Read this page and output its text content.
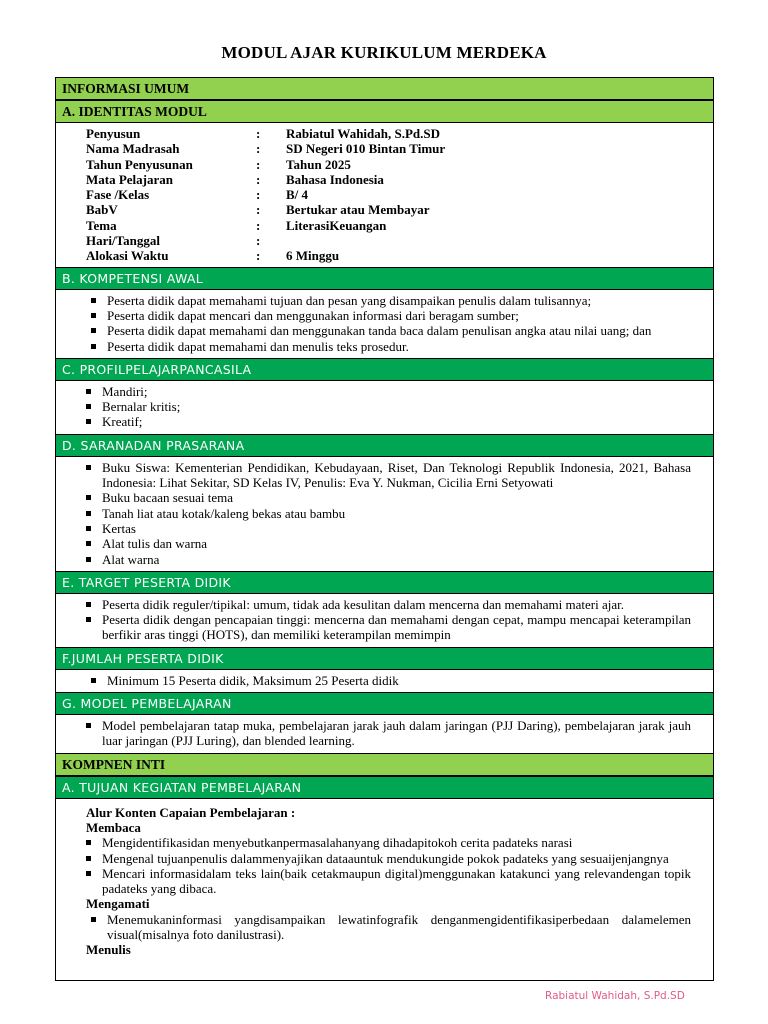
MODUL AJAR KURIKULUM MERDEKA
INFORMASI UMUM
A. IDENTITAS MODUL
Penyusun	:	Rabiatul Wahidah, S.Pd.SD
Nama Madrasah	:	SD Negeri 010 Bintan Timur
Tahun Penyusunan	:	Tahun 2025
Mata Pelajaran	:	Bahasa Indonesia
Fase /Kelas	:	B/ 4
BabV	:	Bertukar atau Membayar
Tema	:	LiterasiKeuangan
Hari/Tanggal	:	
Alokasi Waktu	:	6 Minggu
B. KOMPETENSI AWAL
Peserta didik dapat memahami tujuan dan pesan yang disampaikan penulis dalam tulisannya;
Peserta didik dapat mencari dan menggunakan informasi dari beragam sumber;
Peserta didik dapat memahami dan menggunakan tanda baca dalam penulisan angka atau nilai uang; dan
Peserta didik dapat memahami dan menulis teks prosedur.
C. PROFILPELAJARPANCASILA
Mandiri;
Bernalar kritis;
Kreatif;
D. SARANADAN PRASARANA
Buku Siswa: Kementerian Pendidikan, Kebudayaan, Riset, Dan Teknologi Republik Indonesia, 2021, Bahasa Indonesia: Lihat Sekitar, SD Kelas IV, Penulis: Eva Y. Nukman, Cicilia Erni Setyowati
Buku bacaan sesuai tema
Tanah liat atau kotak/kaleng bekas atau bambu
Kertas
Alat tulis dan warna
Alat warna
E. TARGET PESERTA DIDIK
Peserta didik reguler/tipikal: umum, tidak ada kesulitan dalam mencerna dan memahami materi ajar.
Peserta didik dengan pencapaian tinggi: mencerna dan memahami dengan cepat, mampu mencapai keterampilan berfikir aras tinggi (HOTS), dan memiliki keterampilan memimpin
F.JUMLAH PESERTA DIDIK
Minimum 15 Peserta didik, Maksimum 25 Peserta didik
G. MODEL PEMBELAJARAN
Model pembelajaran tatap muka, pembelajaran jarak jauh dalam jaringan (PJJ Daring), pembelajaran jarak jauh luar jaringan (PJJ Luring), dan blended learning.
KOMPNEN INTI
A. TUJUAN KEGIATAN PEMBELAJARAN
Alur Konten Capaian Pembelajaran :
Membaca
Mengidentifikasidan menyebutkanpermasalahanyang dihadapitokoh cerita padateks narasi
Mengenal tujuanpenulis dalammenyajikan dataauntuk mendukungide pokok padateks yang sesuaijenjangnya
Mencari informasidalam teks lain(baik cetakmaupun digital)menggunakan katakunci yang relevandengan topik padateks yang dibaca.
Mengamati
Menemukaninformasi yangdisampaikan lewatinfografik denganmengidentifikasiperbedaan dalamelemen visual(misalnya foto danilustrasi).
Menulis
Rabiatul Wahidah, S.Pd.SD
